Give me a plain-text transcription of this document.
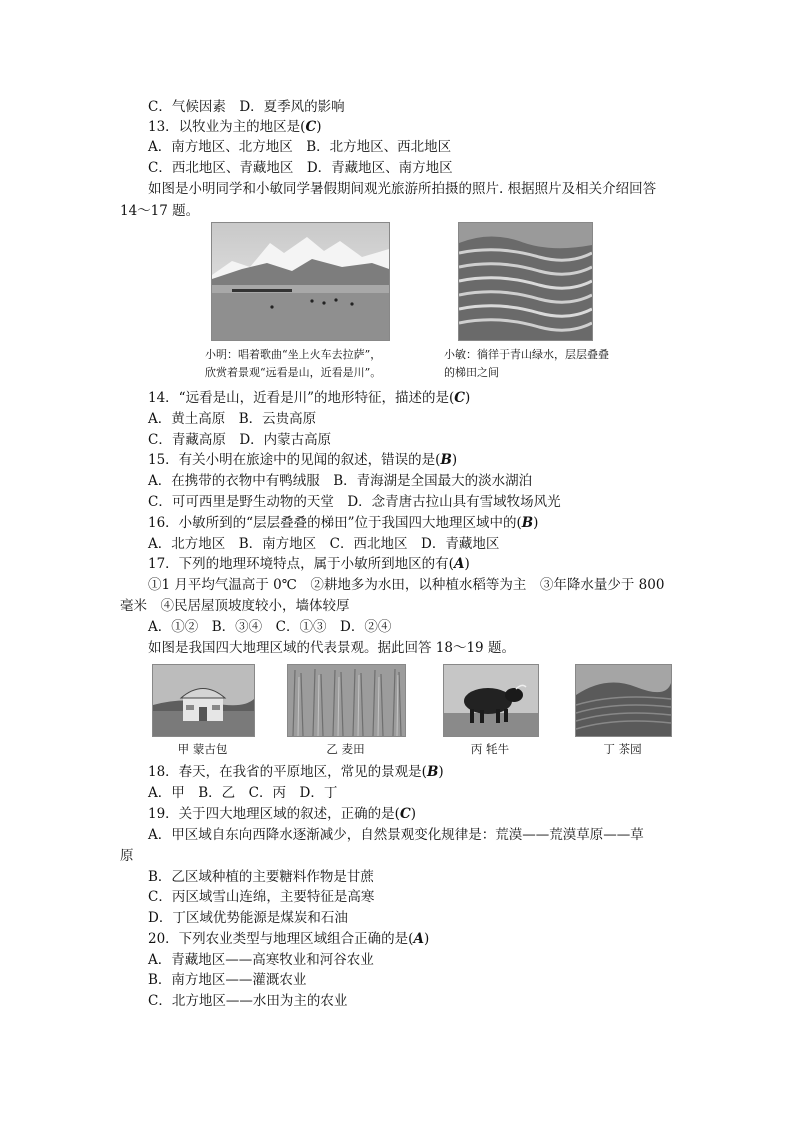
C．气候因素　D．夏季风的影响
13．以牧业为主的地区是(C)
A．南方地区、北方地区　B．北方地区、西北地区
C．西北地区、青藏地区　D．青藏地区、南方地区
如图是小明同学和小敏同学暑假期间观光旅游所拍摄的照片. 根据照片及相关介绍回答
14～17 题。
小明：唱着歌曲“坐上火车去拉萨”，
欣赏着景观“远看是山，近看是川”。
小敏：徜徉于青山绿水，层层叠叠
的梯田之间
14．“远看是山，近看是川”的地形特征，描述的是(C)
A．黄土高原　B．云贵高原
C．青藏高原　D．内蒙古高原
15．有关小明在旅途中的见闻的叙述，错误的是(B)
A．在携带的衣物中有鸭绒服　B．青海湖是全国最大的淡水湖泊
C．可可西里是野生动物的天堂　D．念青唐古拉山具有雪域牧场风光
16．小敏所到的“层层叠叠的梯田”位于我国四大地理区域中的(B)
A．北方地区　B．南方地区　C．西北地区　D．青藏地区
17．下列的地理环境特点，属于小敏所到地区的有(A)
①1 月平均气温高于 0℃　②耕地多为水田，以种植水稻等为主　③年降水量少于 800
毫米　④民居屋顶坡度较小，墙体较厚
A．①②　B．③④　C．①③　D．②④
如图是我国四大地理区域的代表景观。据此回答 18～19 题。
甲 蒙古包	乙 麦田	丙 牦牛	丁 茶园
18．春天，在我省的平原地区，常见的景观是(B)
A．甲　B．乙　C．丙　D．丁
19．关于四大地理区域的叙述，正确的是(C)
A．甲区域自东向西降水逐渐减少，自然景观变化规律是：荒漠——荒漠草原——草
原
B．乙区域种植的主要糖料作物是甘蔗
C．丙区域雪山连绵，主要特征是高寒
D．丁区域优势能源是煤炭和石油
20．下列农业类型与地理区域组合正确的是(A)
A．青藏地区——高寒牧业和河谷农业
B．南方地区——灌溉农业
C．北方地区——水田为主的农业
